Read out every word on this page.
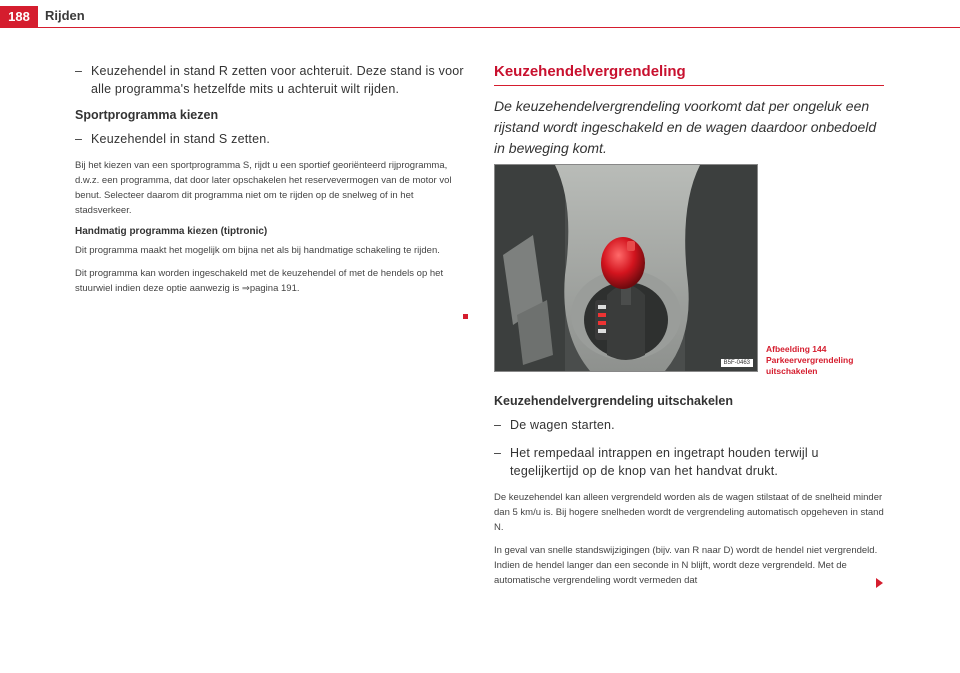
188	Rijden
– Keuzehendel in stand R zetten voor achteruit. Deze stand is voor alle programma's hetzelfde mits u achteruit wilt rijden.
Sportprogramma kiezen
– Keuzehendel in stand S zetten.

Bij het kiezen van een sportprogramma S, rijdt u een sportief georiënteerd rijprogramma, d.w.z. een programma, dat door later opschakelen het reservevermogen van de motor vol benut. Selecteer daarom dit programma niet om te rijden op de snelweg of in het stadsverkeer.

Handmatig programma kiezen (tiptronic)

Dit programma maakt het mogelijk om bijna net als bij handmatige schakeling te rijden.

Dit programma kan worden ingeschakeld met de keuzehendel of met de hendels op het stuurwiel indien deze optie aanwezig is ⇒pagina 191.

Keuzehendelvergrendeling

De keuzehendelvergrendeling voorkomt dat per ongeluk een rijstand wordt ingeschakeld en de wagen daardoor onbedoeld in beweging komt.

B5F-0463
Afbeelding 144 Parkeervergrendeling uitschakelen
Keuzehendelvergrendeling uitschakelen
– De wagen starten.
– Het rempedaal intrappen en ingetrapt houden terwijl u tegelijkertijd op de knop van het handvat drukt.

De keuzehendel kan alleen vergrendeld worden als de wagen stilstaat of de snelheid minder dan 5 km/u is. Bij hogere snelheden wordt de vergrendeling automatisch opgeheven in stand N.

In geval van snelle standswijzigingen (bijv. van R naar D) wordt de hendel niet vergrendeld. Indien de hendel langer dan een seconde in N blijft, wordt deze vergrendeld. Met de automatische vergrendeling wordt vermeden dat
